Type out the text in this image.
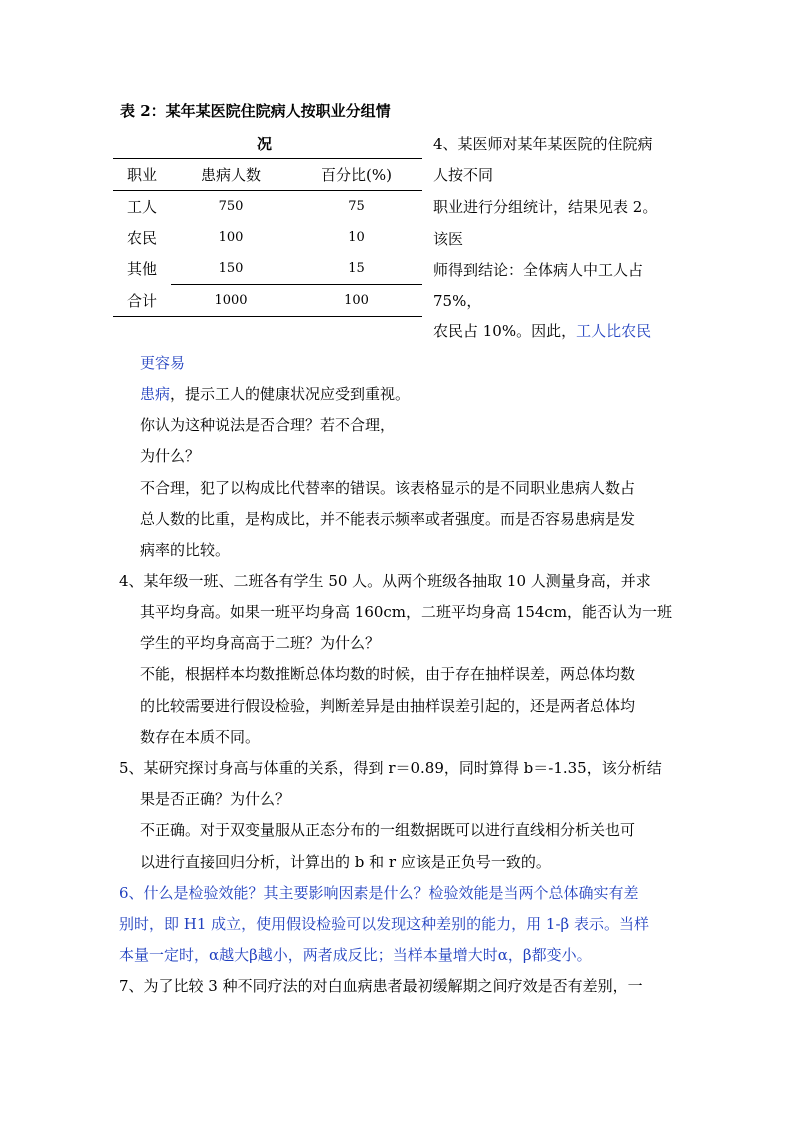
表 2：某年某医院住院病人按职业分组情
况
职业	患病人数	百分比(%)
工人	750	75
农民	100	10
其他	150	15
合计	1000	100
4、某医师对某年某医院的住院病
人按不同
职业进行分组统计，结果见表 2。
该医
师得到结论：全体病人中工人占
75%，
农民占 10%。因此，工人比农民
更容易
患病，提示工人的健康状况应受到重视。
你认为这种说法是否合理？若不合理，
为什么？
不合理，犯了以构成比代替率的错误。该表格显示的是不同职业患病人数占
总人数的比重，是构成比，并不能表示频率或者强度。而是否容易患病是发
病率的比较。
4、某年级一班、二班各有学生 50 人。从两个班级各抽取 10 人测量身高，并求
其平均身高。如果一班平均身高 160cm，二班平均身高 154cm，能否认为一班
学生的平均身高高于二班？为什么？
不能，根据样本均数推断总体均数的时候，由于存在抽样误差，两总体均数
的比较需要进行假设检验，判断差异是由抽样误差引起的，还是两者总体均
数存在本质不同。
5、某研究探讨身高与体重的关系，得到 r＝0.89，同时算得 b＝-1.35，该分析结
果是否正确？为什么？
不正确。对于双变量服从正态分布的一组数据既可以进行直线相分析关也可
以进行直接回归分析，计算出的 b 和 r 应该是正负号一致的。
6、什么是检验效能？其主要影响因素是什么？检验效能是当两个总体确实有差
别时，即 H1 成立，使用假设检验可以发现这种差别的能力，用 1-β 表示。当样
本量一定时，α越大β越小，两者成反比；当样本量增大时α，β都变小。
7、为了比较 3 种不同疗法的对白血病患者最初缓解期之间疗效是否有差别，一
